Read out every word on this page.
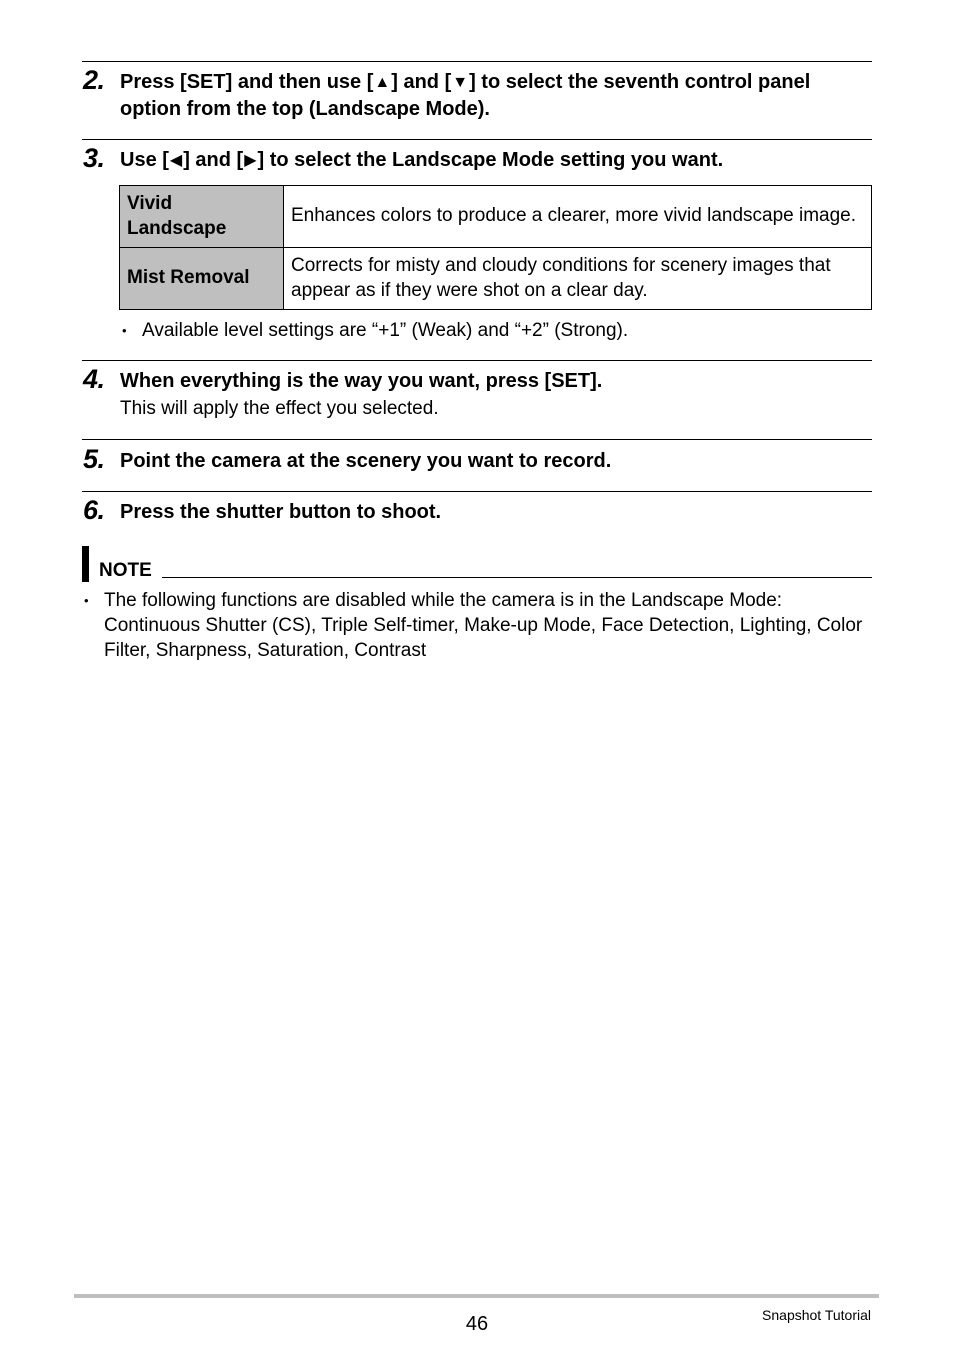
2. Press [SET] and then use [▲] and [▼] to select the seventh control panel option from the top (Landscape Mode).

3. Use [◀] and [▶] to select the Landscape Mode setting you want.

Vivid Landscape	Enhances colors to produce a clearer, more vivid landscape image.
Mist Removal	Corrects for misty and cloudy conditions for scenery images that appear as if they were shot on a clear day.
• Available level settings are “+1” (Weak) and “+2” (Strong).
4. When everything is the way you want, press [SET].

This will apply the effect you selected.
5. Point the camera at the scenery you want to record.

6. Press the shutter button to shoot.

NOTE
• The following functions are disabled while the camera is in the Landscape Mode: Continuous Shutter (CS), Triple Self-timer, Make-up Mode, Face Detection, Lighting, Color Filter, Sharpness, Saturation, Contrast
46	Snapshot Tutorial
